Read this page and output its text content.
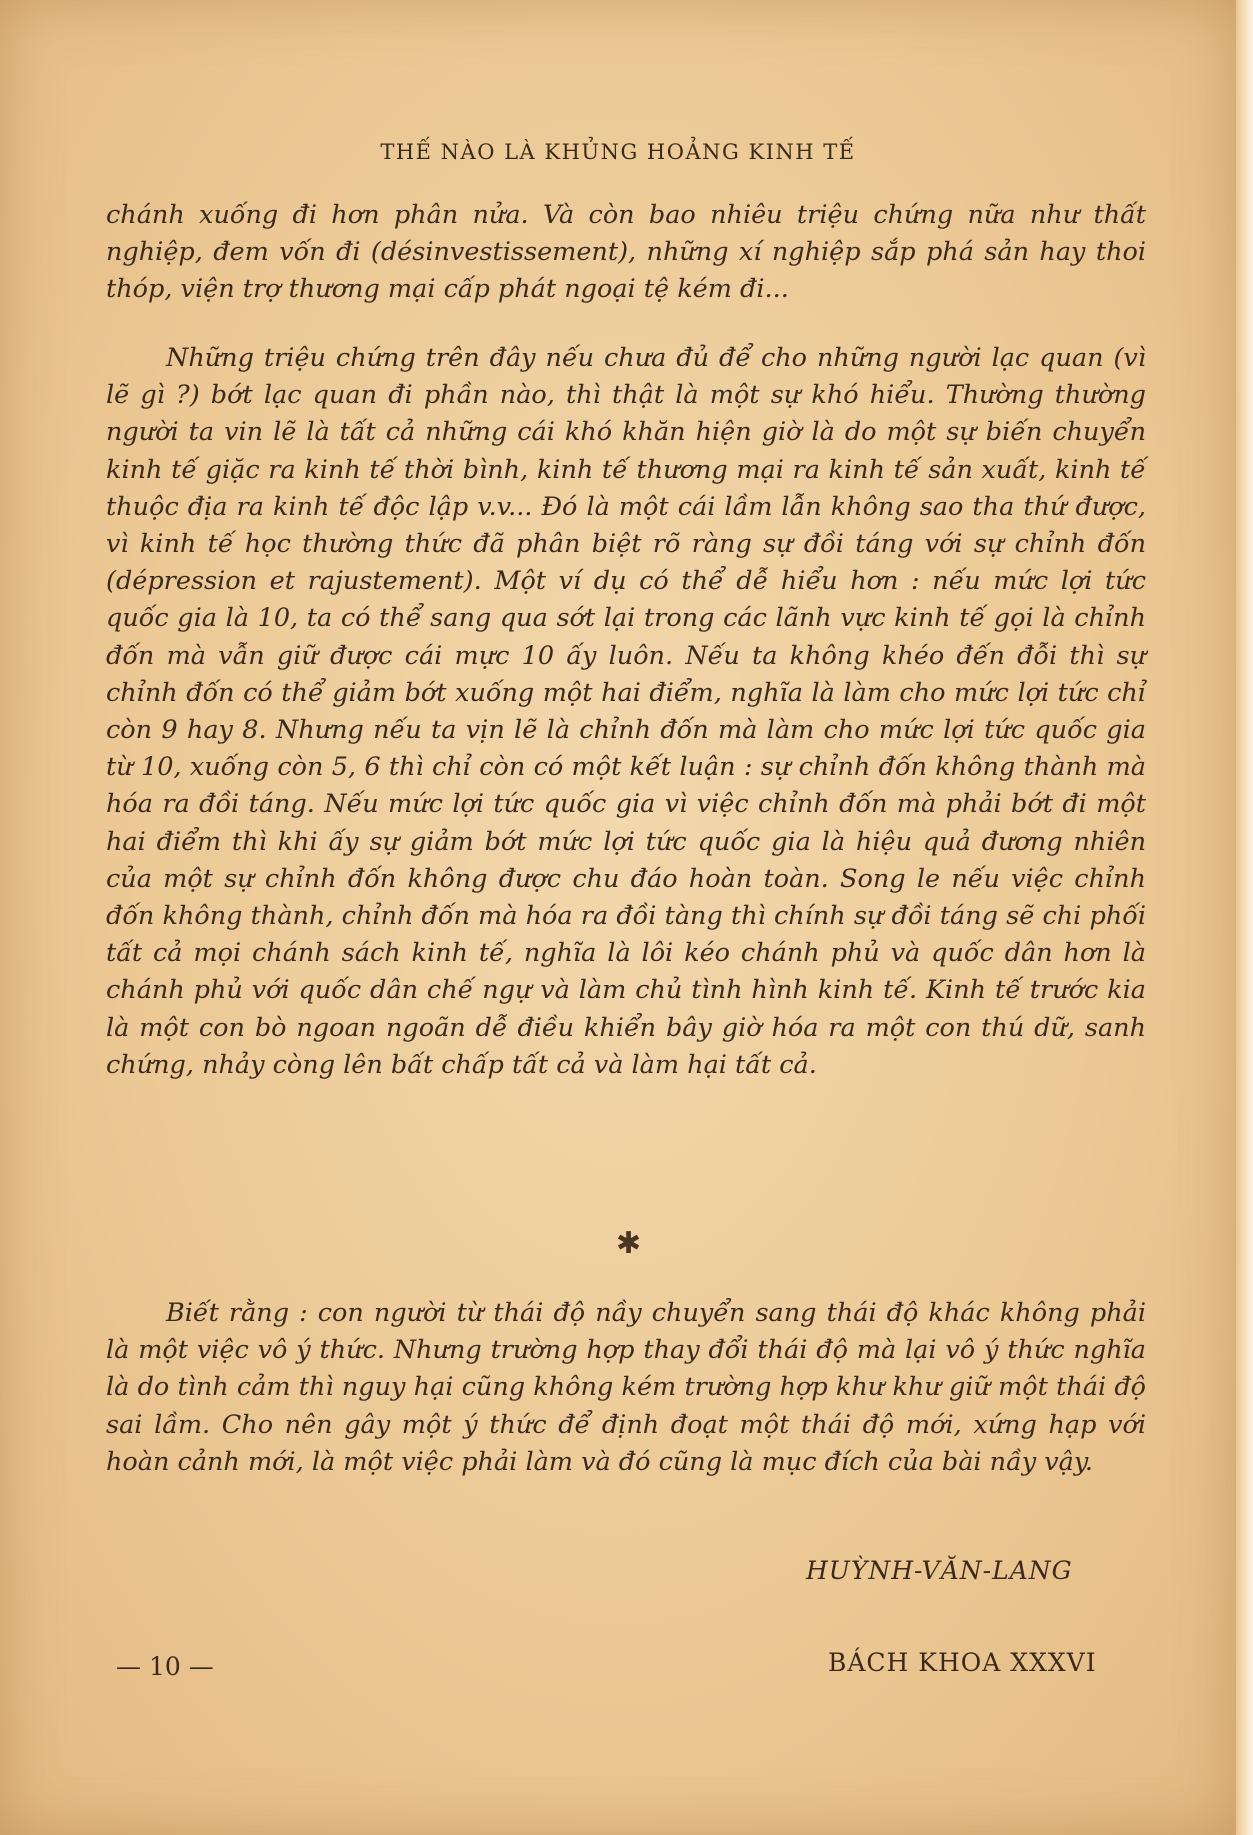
THẾ NÀO LÀ KHỦNG HOẢNG KINH TẾ

chánh xuống đi hơn phân nửa. Và còn bao nhiêu triệu chứng nữa như thất nghiệp, đem vốn đi (désinvestissement), những xí nghiệp sắp phá sản hay thoi thóp, viện trợ thương mại cấp phát ngoại tệ kém đi...

Những triệu chứng trên đây nếu chưa đủ để cho những người lạc quan (vì lẽ gì ?) bớt lạc quan đi phần nào, thì thật là một sự khó hiểu. Thường thường người ta vin lẽ là tất cả những cái khó khăn hiện giờ là do một sự biến chuyển kinh tế giặc ra kinh tế thời bình, kinh tế thương mại ra kinh tế sản xuất, kinh tế thuộc địa ra kinh tế độc lập v.v... Đó là một cái lầm lẫn không sao tha thứ được, vì kinh tế học thường thức đã phân biệt rõ ràng sự đồi táng với sự chỉnh đốn (dépression et rajustement). Một ví dụ có thể dễ hiểu hơn : nếu mức lợi tức quốc gia là 10, ta có thể sang qua sớt lại trong các lãnh vực kinh tế gọi là chỉnh đốn mà vẫn giữ được cái mực 10 ấy luôn. Nếu ta không khéo đến đỗi thì sự chỉnh đốn có thể giảm bớt xuống một hai điểm, nghĩa là làm cho mức lợi tức chỉ còn 9 hay 8. Nhưng nếu ta vịn lẽ là chỉnh đốn mà làm cho mức lợi tức quốc gia từ 10, xuống còn 5, 6 thì chỉ còn có một kết luận : sự chỉnh đốn không thành mà hóa ra đồi táng. Nếu mức lợi tức quốc gia vì việc chỉnh đốn mà phải bớt đi một hai điểm thì khi ấy sự giảm bớt mức lợi tức quốc gia là hiệu quả đương nhiên của một sự chỉnh đốn không được chu đáo hoàn toàn. Song le nếu việc chỉnh đốn không thành, chỉnh đốn mà hóa ra đồi tàng thì chính sự đồi táng sẽ chi phối tất cả mọi chánh sách kinh tế, nghĩa là lôi kéo chánh phủ và quốc dân hơn là chánh phủ với quốc dân chế ngự và làm chủ tình hình kinh tế. Kinh tế trước kia là một con bò ngoan ngoãn dễ điều khiển bây giờ hóa ra một con thú dữ, sanh chứng, nhảy còng lên bất chấp tất cả và làm hại tất cả.

✱

Biết rằng : con người từ thái độ nầy chuyển sang thái độ khác không phải là một việc vô ý thức. Nhưng trường hợp thay đổi thái độ mà lại vô ý thức nghĩa là do tình cảm thì nguy hại cũng không kém trường hợp khư khư giữ một thái độ sai lầm. Cho nên gây một ý thức để định đoạt một thái độ mới, xứng hạp với hoàn cảnh mới, là một việc phải làm và đó cũng là mục đích của bài nầy vậy.

HUỲNH-VĂN-LANG
— 10 —	BÁCH KHOA XXXVI
